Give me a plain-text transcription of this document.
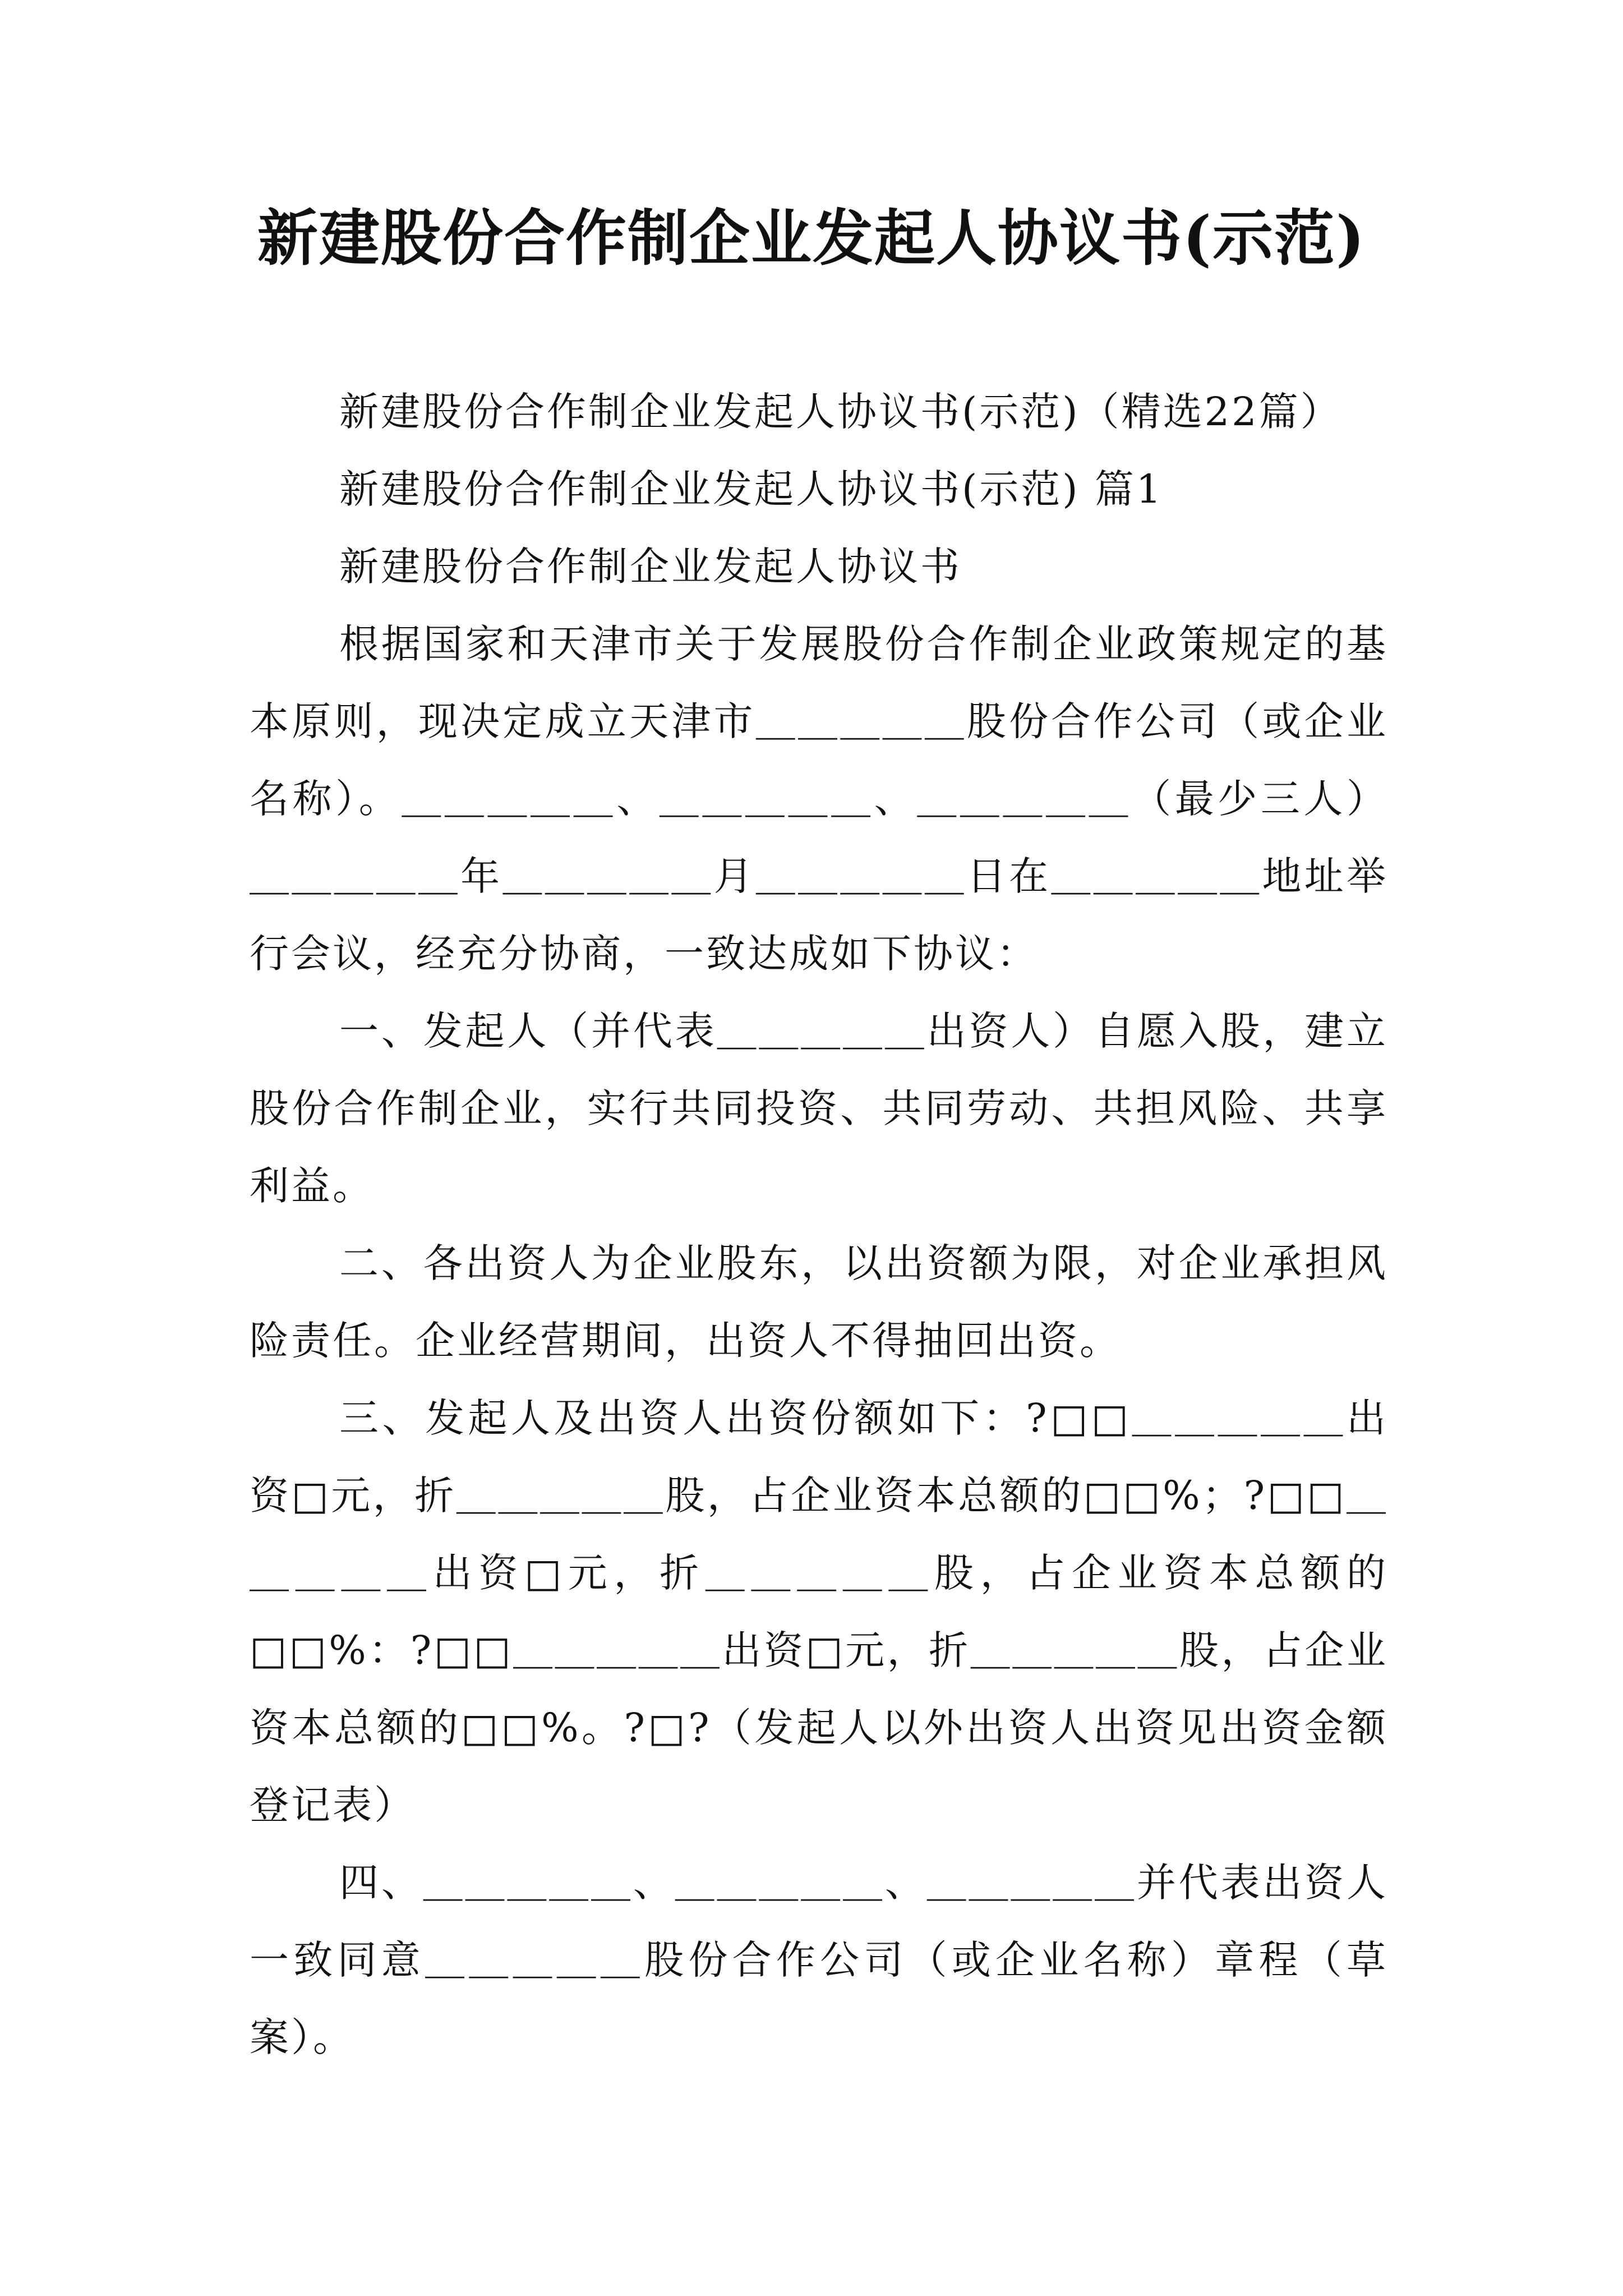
新建股份合作制企业发起人协议书(示范)

新建股份合作制企业发起人协议书(示范)（精选22篇）

新建股份合作制企业发起人协议书(示范) 篇1

新建股份合作制企业发起人协议书

根据国家和天津市关于发展股份合作制企业政策规定的基本原则，现决定成立天津市＿＿＿＿＿股份合作公司（或企业名称）。＿＿＿＿＿、＿＿＿＿＿、＿＿＿＿＿（最少三人）＿＿＿＿＿年＿＿＿＿＿月＿＿＿＿＿日在＿＿＿＿＿地址举行会议，经充分协商，一致达成如下协议：

一、发起人（并代表＿＿＿＿＿出资人）自愿入股，建立股份合作制企业，实行共同投资、共同劳动、共担风险、共享利益。

二、各出资人为企业股东，以出资额为限，对企业承担风险责任。企业经营期间，出资人不得抽回出资。

三、发起人及出资人出资份额如下：?□□＿＿＿＿＿出资□元，折＿＿＿＿＿股，占企业资本总额的□□%；?□□＿＿＿＿＿出资□元，折＿＿＿＿＿股，占企业资本总额的□□%：?□□＿＿＿＿＿出资□元，折＿＿＿＿＿股，占企业资本总额的□□%。?□?（发起人以外出资人出资见出资金额登记表）

四、＿＿＿＿＿、＿＿＿＿＿、＿＿＿＿＿并代表出资人一致同意＿＿＿＿＿股份合作公司（或企业名称）章程（草案）。
